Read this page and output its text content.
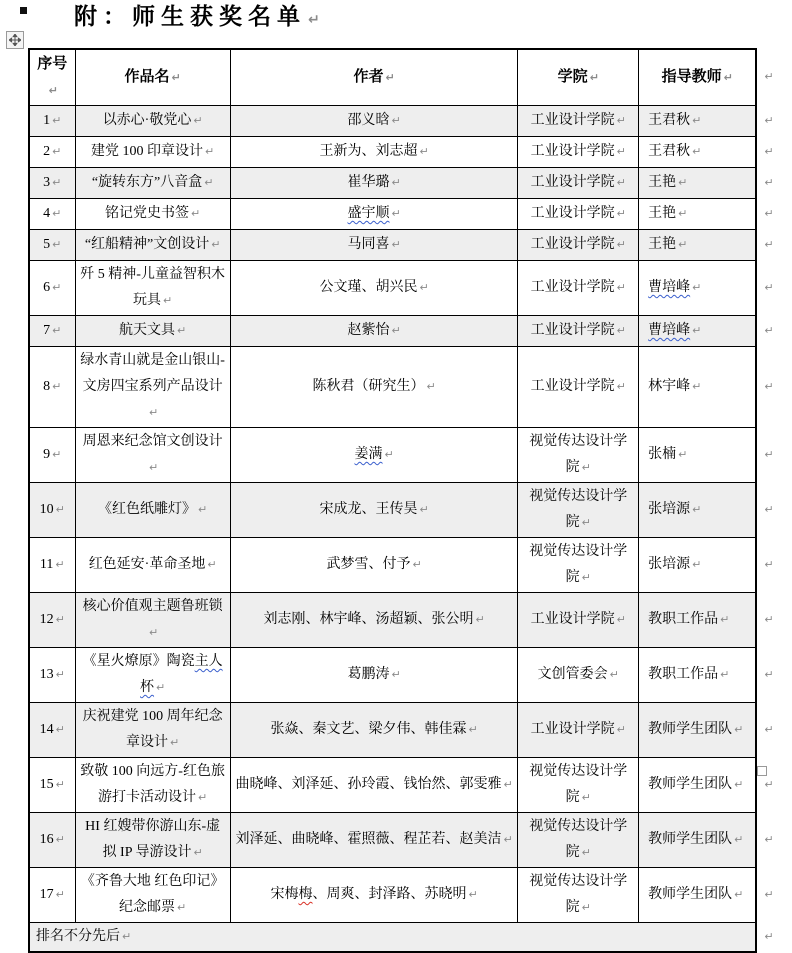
附：师生获奖名单 ↵
序号↵	作品名 ↵	作者 ↵	学院 ↵	指导教师 ↵	↵
1 ↵	以赤心·敬党心 ↵	邵义晗 ↵	工业设计学院 ↵	王君秋 ↵	↵
2 ↵	建党 100 印章设计 ↵	王新为、刘志超 ↵	工业设计学院 ↵	王君秋 ↵	↵
3 ↵	“旋转东方”八音盒 ↵	崔华璐 ↵	工业设计学院 ↵	王艳 ↵	↵
4 ↵	铭记党史书签 ↵	盛宇顺 ↵	工业设计学院 ↵	王艳 ↵	↵
5 ↵	“红船精神”文创设计 ↵	马同喜 ↵	工业设计学院 ↵	王艳 ↵	↵
6 ↵	歼 5 精神-儿童益智积木玩具 ↵	公文瑾、胡兴民 ↵	工业设计学院 ↵	曹培峰 ↵	↵
7 ↵	航天文具 ↵	赵紫怡 ↵	工业设计学院 ↵	曹培峰 ↵	↵
8 ↵	绿水青山就是金山银山-文房四宝系列产品设计↵	陈秋君（研究生） ↵	工业设计学院 ↵	林宇峰 ↵	↵
9 ↵	周恩来纪念馆文创设计↵	姜满 ↵	视觉传达设计学院 ↵	张楠 ↵	↵
10 ↵	《红色纸雕灯》 ↵	宋成龙、王传昊 ↵	视觉传达设计学院 ↵	张培源 ↵	↵
11 ↵	红色延安·革命圣地 ↵	武梦雪、付予 ↵	视觉传达设计学院 ↵	张培源 ↵	↵
12 ↵	核心价值观主题鲁班锁↵	刘志刚、林宇峰、汤超颖、张公明 ↵	工业设计学院 ↵	教职工作品 ↵	↵
13 ↵	《星火燎原》陶瓷主人杯 ↵	葛鹏涛 ↵	文创管委会 ↵	教职工作品 ↵	↵
14 ↵	庆祝建党 100 周年纪念章设计 ↵	张焱、秦文艺、梁夕伟、韩佳霖 ↵	工业设计学院 ↵	教师学生团队 ↵	↵
15 ↵	致敬 100 向远方-红色旅游打卡活动设计 ↵	曲晓峰、刘泽延、孙玲霞、钱怡然、郭雯雅 ↵	视觉传达设计学院 ↵	教师学生团队 ↵	↵
16 ↵	HI 红嫂带你游山东-虚拟 IP 导游设计 ↵	刘泽延、曲晓峰、霍照薇、程芷若、赵美洁 ↵	视觉传达设计学院 ↵	教师学生团队 ↵	↵
17 ↵	《齐鲁大地 红色印记》纪念邮票 ↵	宋梅梅、周爽、封泽路、苏晓明 ↵	视觉传达设计学院 ↵	教师学生团队 ↵	↵
排名不分先后 ↵					↵
